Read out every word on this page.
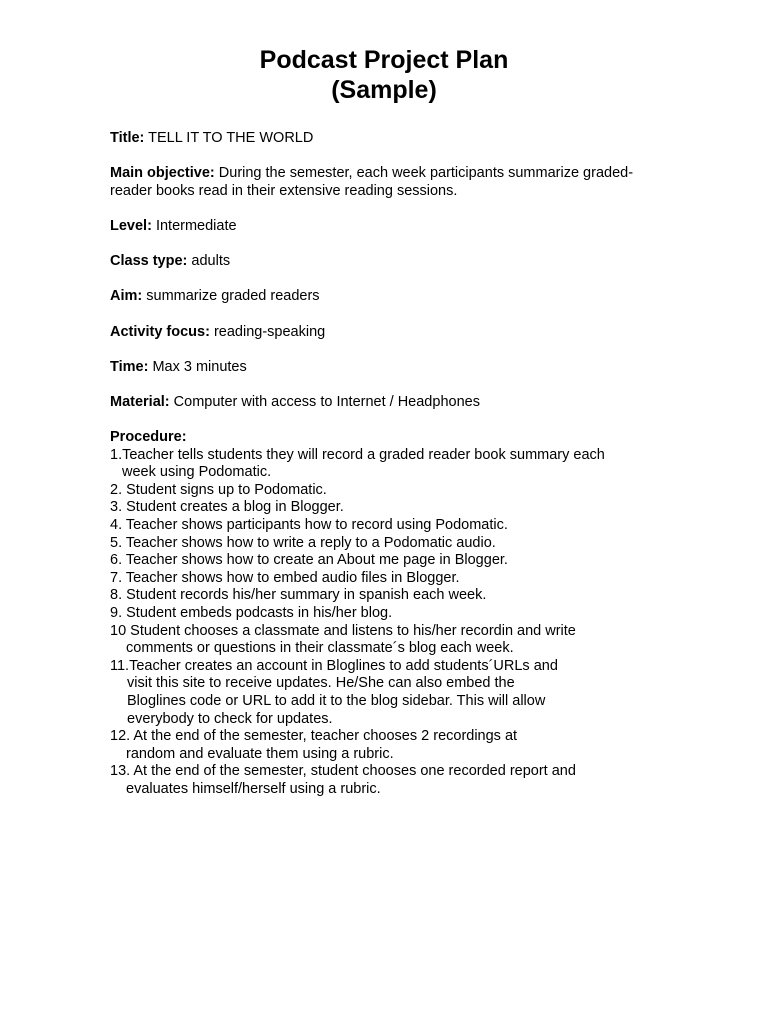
Podcast Project Plan
(Sample)
Title: TELL IT TO THE WORLD
Main objective: During the semester, each week participants summarize graded-reader books read in their extensive reading sessions.
Level: Intermediate
Class type: adults
Aim: summarize graded readers
Activity focus: reading-speaking
Time: Max 3 minutes
Material: Computer with access to Internet / Headphones
Procedure:
1.Teacher tells students they will record a graded reader book summary each
week using Podomatic.
2. Student signs up to Podomatic.
3. Student creates a blog in Blogger.
4. Teacher shows participants how to record using Podomatic.
5. Teacher shows how to write a reply to a Podomatic audio.
6. Teacher shows how to create an About me page in Blogger.
7. Teacher shows how to embed audio files in Blogger.
8. Student records his/her summary in spanish each week.
9. Student embeds podcasts in his/her blog.
10 Student chooses a classmate and listens to his/her recordin and write
comments or questions in their classmate´s blog each week.
11.Teacher creates an account in Bloglines to add students´URLs and
visit this site to receive updates. He/She can also embed the
Bloglines code or URL to add it to the blog sidebar. This will allow
everybody to check for updates.
12. At the end of the semester, teacher chooses 2 recordings at
random and evaluate them using a rubric.
13. At the end of the semester, student chooses one recorded report and
evaluates himself/herself using a rubric.
